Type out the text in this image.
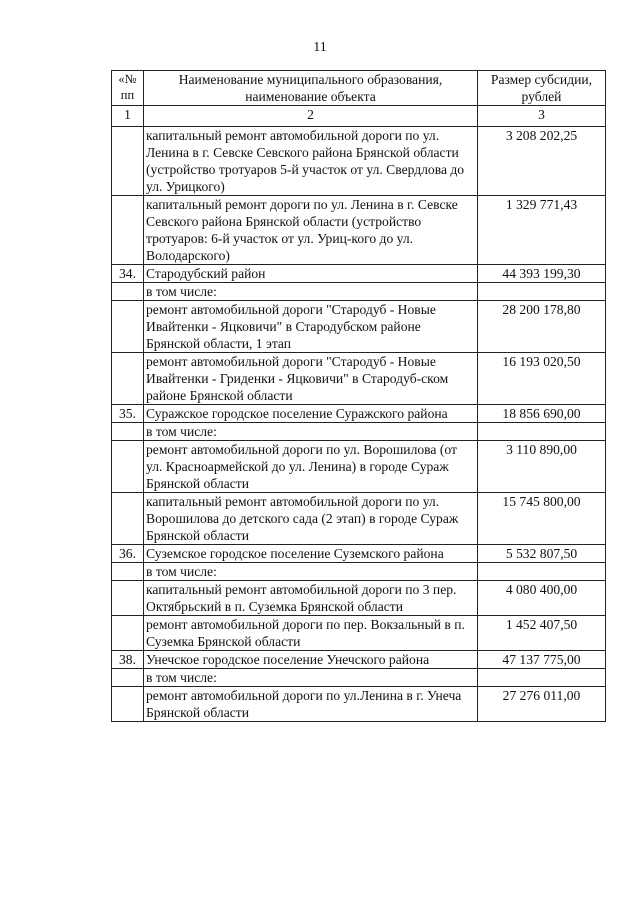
11
«№ пп	Наименование муниципального образования, наименование объекта	Размер субсидии, рублей
1	2	3
	капитальный ремонт автомобильной дороги по ул. Ленина в г. Севске Севского района Брянской области (устройство тротуаров 5-й участок от ул. Свердлова до ул. Урицкого)	3 208 202,25
	капитальный ремонт дороги по ул. Ленина в г. Севске Севского района Брянской области (устройство тротуаров: 6-й участок от ул. Уриц-кого до ул. Володарского)	1 329 771,43
34.	Стародубский район	44 393 199,30
	в том числе:	
	ремонт автомобильной дороги "Стародуб - Новые Ивайтенки - Яцковичи" в Стародубском районе Брянской области, 1 этап	28 200 178,80
	ремонт автомобильной дороги "Стародуб - Новые Ивайтенки - Гриденки - Яцковичи" в Стародуб-ском районе Брянской области	16 193 020,50
35.	Суражское городское поселение Суражского района	18 856 690,00
	в том числе:	
	ремонт автомобильной дороги по ул. Ворошилова (от ул. Красноармейской до ул. Ленина) в городе Сураж Брянской области	3 110 890,00
	капитальный ремонт автомобильной дороги по ул. Ворошилова до детского сада (2 этап) в городе Сураж Брянской области	15 745 800,00
36.	Суземское городское поселение Суземского района	5 532 807,50
	в том числе:	
	капитальный ремонт автомобильной дороги по 3 пер. Октябрьский в п. Суземка Брянской области	4 080 400,00
	ремонт автомобильной дороги по пер. Вокзальный в п. Суземка Брянской области	1 452 407,50
38.	Унечское городское поселение Унечского района	47 137 775,00
	в том числе:	
	ремонт автомобильной дороги по ул.Ленина в г. Унеча Брянской области	27 276 011,00
